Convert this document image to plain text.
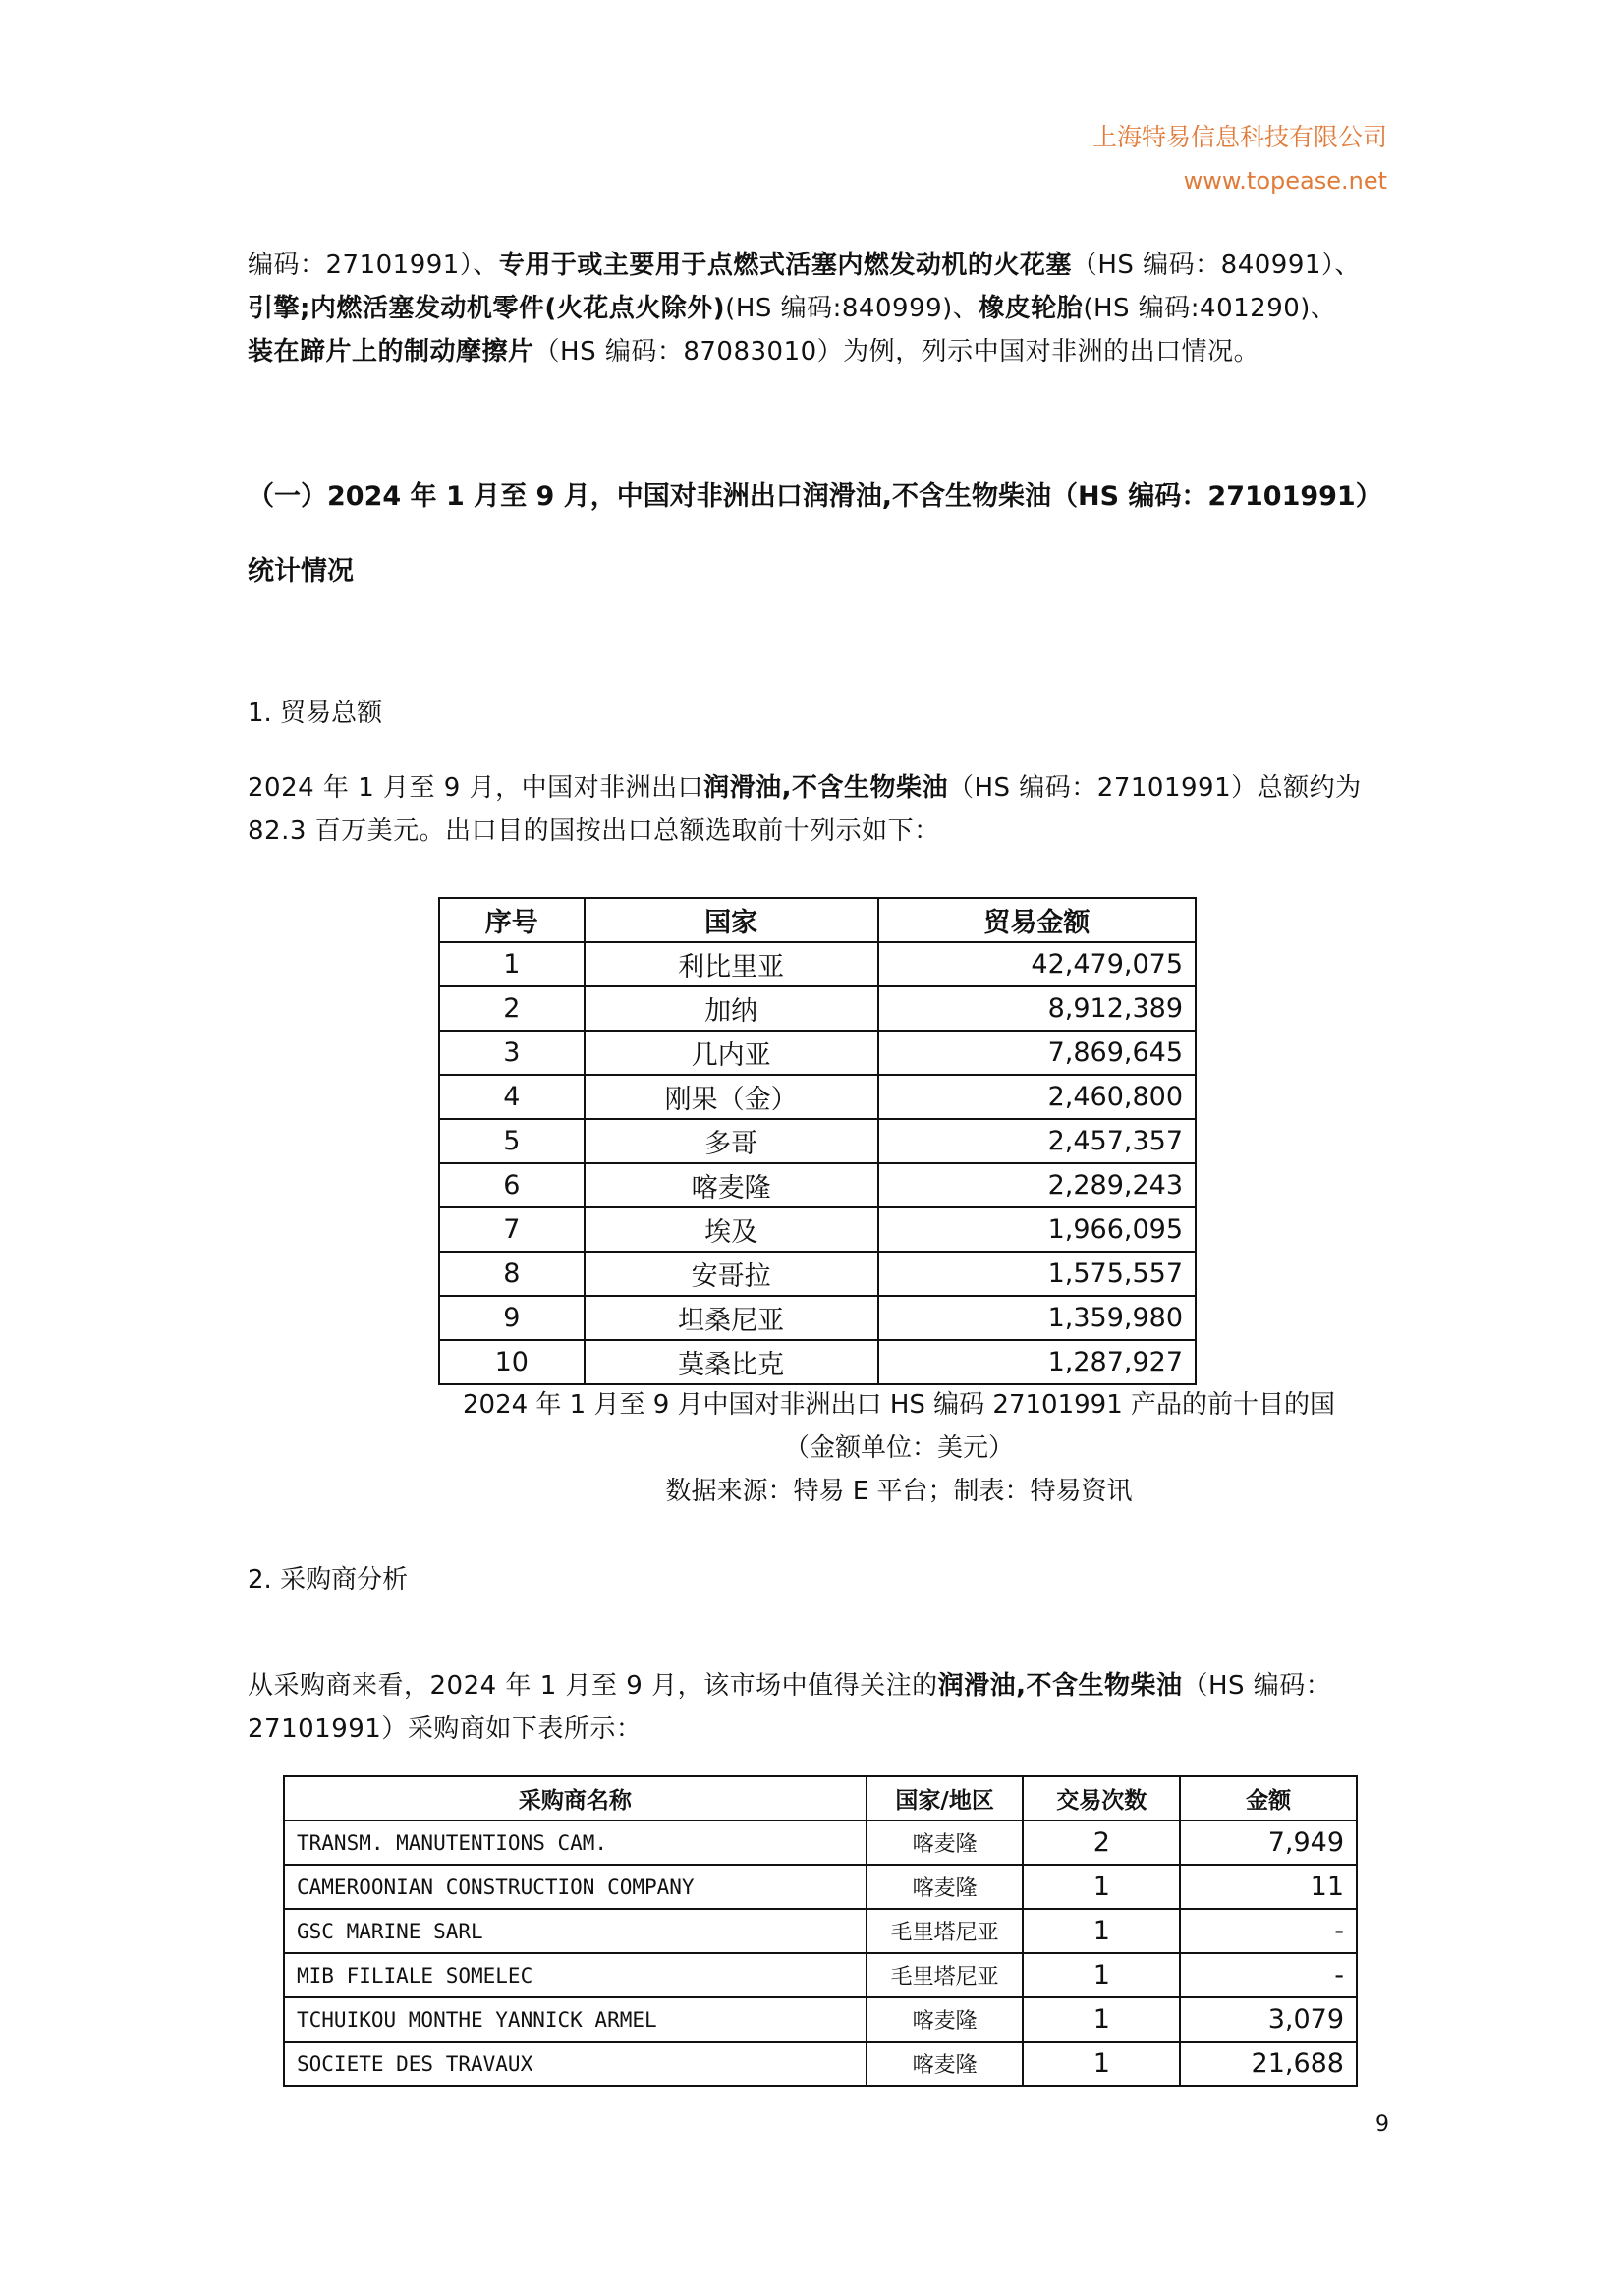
上海特易信息科技有限公司
www.topease.net

编码：27101991）、专用于或主要用于点燃式活塞内燃发动机的火花塞（HS 编码：840991）、

引擎;内燃活塞发动机零件(火花点火除外)(HS 编码:840999)、橡皮轮胎(HS 编码:401290)、

装在蹄片上的制动摩擦片（HS 编码：87083010）为例，列示中国对非洲的出口情况。

（一）2024 年 1 月至 9 月，中国对非洲出口润滑油,不含生物柴油（HS 编码：27101991）
统计情况
1. 贸易总额

2024 年 1 月至 9 月，中国对非洲出口润滑油,不含生物柴油（HS 编码：27101991）总额约为
82.3 百万美元。出口目的国按出口总额选取前十列示如下：

序号	国家	贸易金额
1	利比里亚	42,479,075
2	加纳	8,912,389
3	几内亚	7,869,645
4	刚果（金）	2,460,800
5	多哥	2,457,357
6	喀麦隆	2,289,243
7	埃及	1,966,095
8	安哥拉	1,575,557
9	坦桑尼亚	1,359,980
10	莫桑比克	1,287,927
2024 年 1 月至 9 月中国对非洲出口 HS 编码 27101991 产品的前十目的国
（金额单位：美元）
数据来源：特易 E 平台；制表：特易资讯
2. 采购商分析

从采购商来看，2024 年 1 月至 9 月，该市场中值得关注的润滑油,不含生物柴油（HS 编码：
27101991）采购商如下表所示：

采购商名称	国家/地区	交易次数	金额
TRANSM. MANUTENTIONS CAM.	喀麦隆	2	7,949
CAMEROONIAN CONSTRUCTION COMPANY	喀麦隆	1	11
GSC MARINE SARL	毛里塔尼亚	1	-
MIB FILIALE SOMELEC	毛里塔尼亚	1	-
TCHUIKOU MONTHE YANNICK ARMEL	喀麦隆	1	3,079
SOCIETE DES TRAVAUX	喀麦隆	1	21,688
9
